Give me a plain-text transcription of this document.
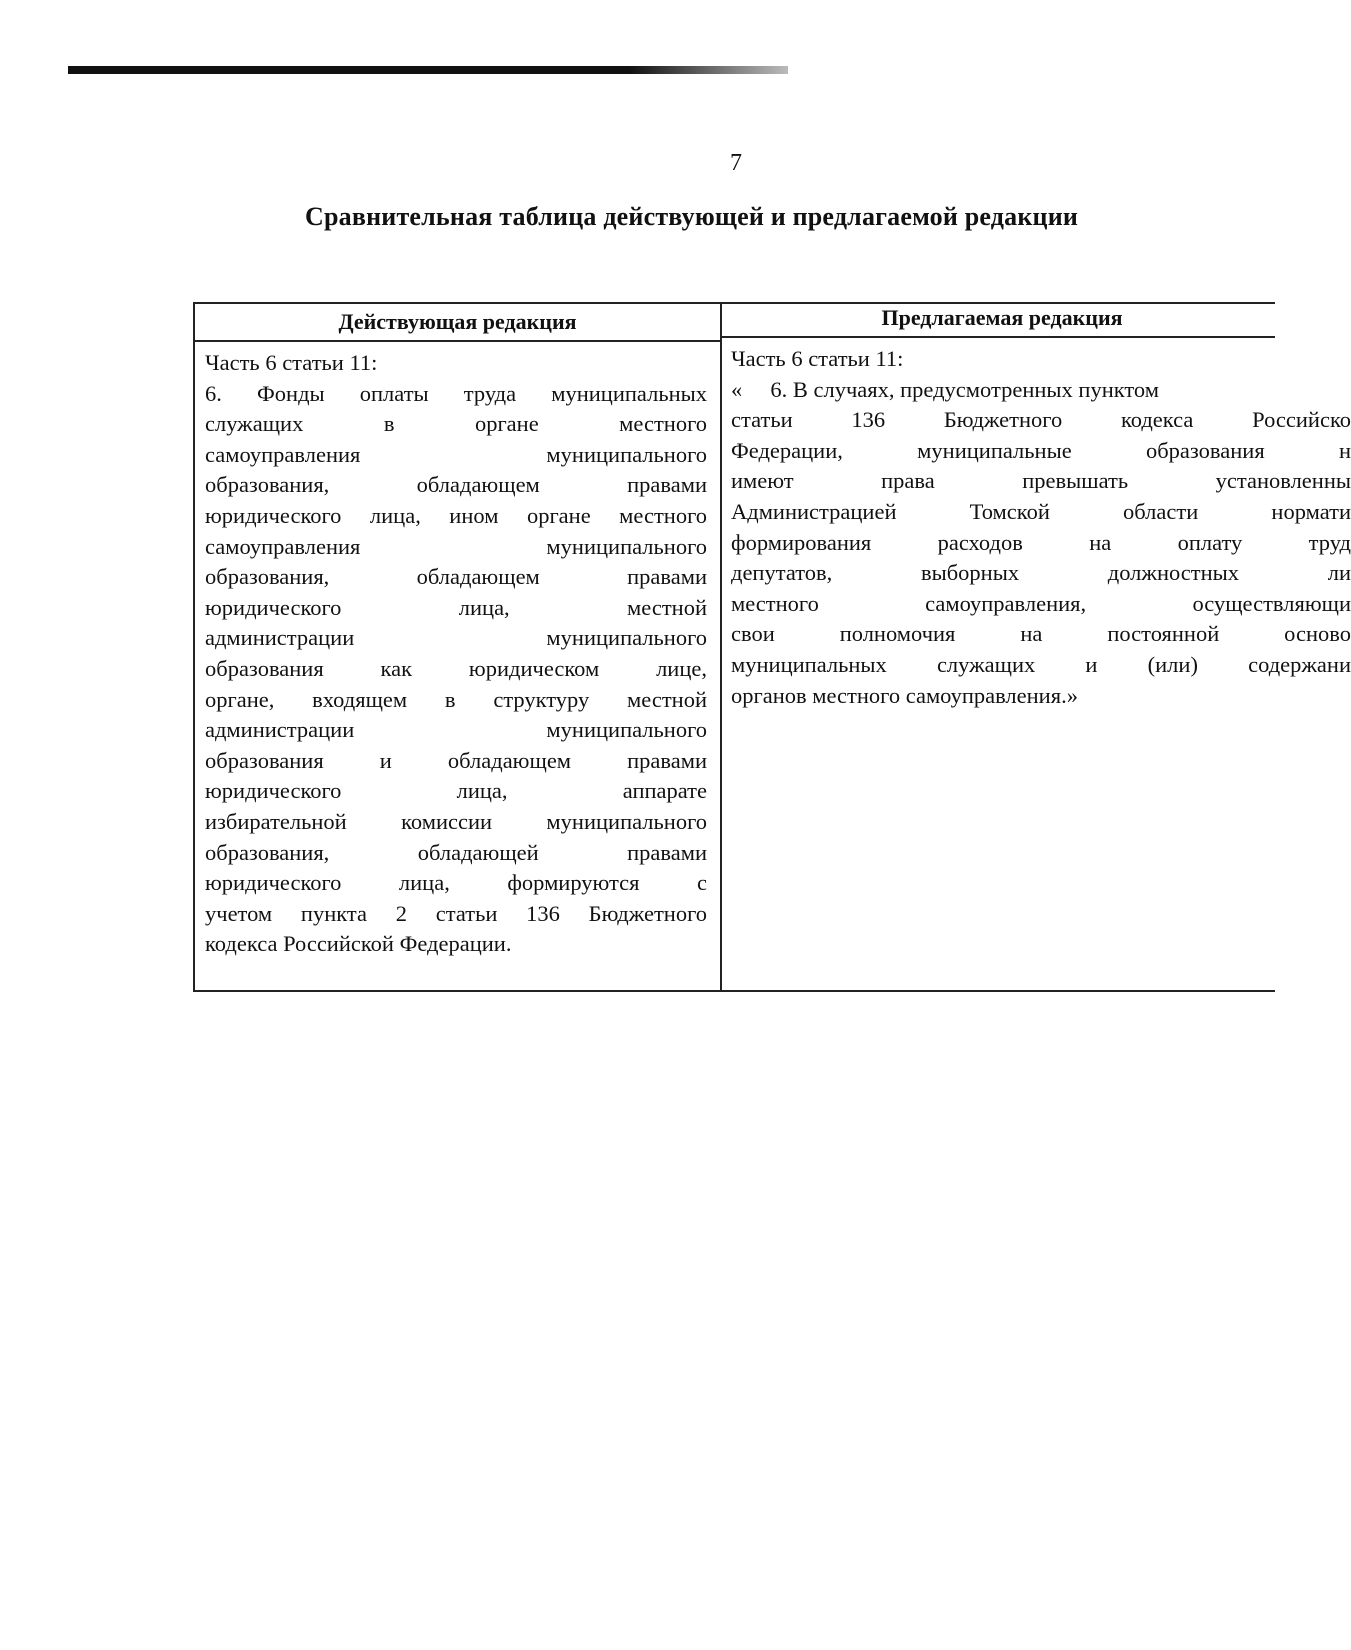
7
Сравнительная таблица действующей и предлагаемой редакции
Действующая редакция	Предлагаемая редакция
Часть 6 статьи 11:
6. Фонды оплаты труда муниципальных
служащих в органе местного
самоуправления муниципального
образования, обладающем правами
юридического лица, ином органе местного
самоуправления муниципального
образования, обладающем правами
юридического лица, местной
администрации муниципального
образования как юридическом лице,
органе, входящем в структуру местной
администрации муниципального
образования и обладающем правами
юридического лица, аппарате
избирательной комиссии муниципального
образования, обладающей правами
юридического лица, формируются с
учетом пункта 2 статьи 136 Бюджетного
кодекса Российской Федерации.
Часть 6 статьи 11:
«     6. В случаях, предусмотренных пунктом
статьи 136 Бюджетного кодекса Российско
Федерации, муниципальные образования н
имеют права превышать установленны
Администрацией Томской области нормати
формирования расходов на оплату труд
депутатов, выборных должностных ли
местного самоуправления, осуществляющи
свои полномочия на постоянной осново
муниципальных служащих и (или) содержани
органов местного самоуправления.»
